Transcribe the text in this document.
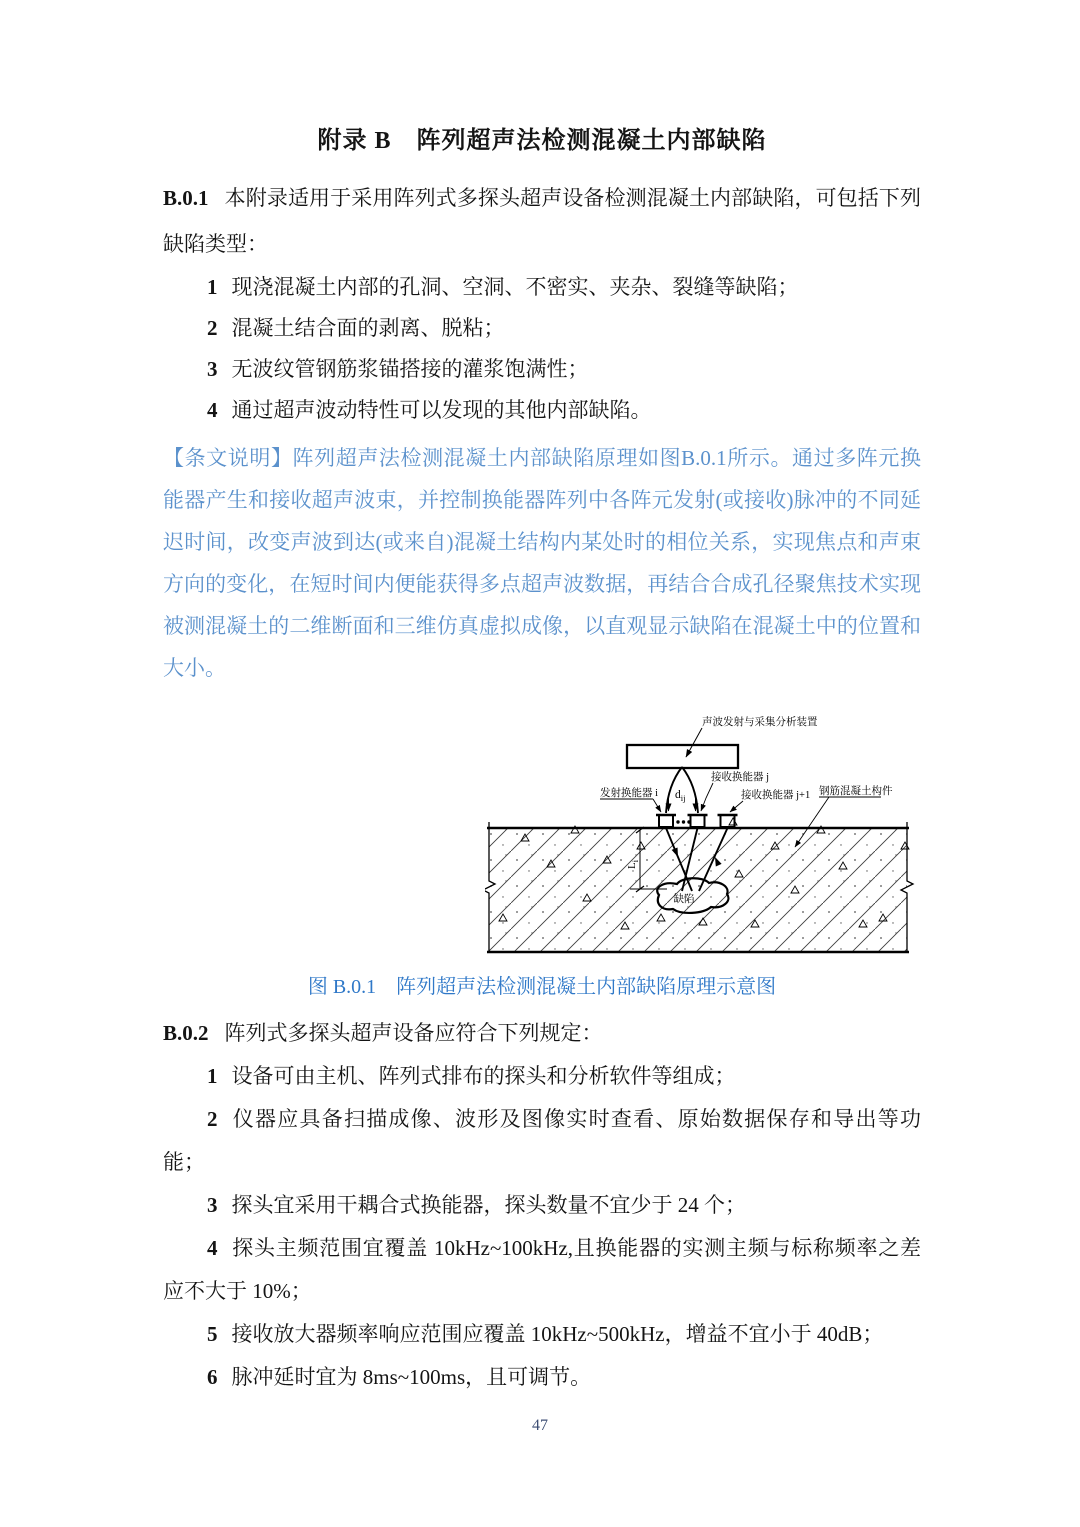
附录 B　阵列超声法检测混凝土内部缺陷

B.0.1 本附录适用于采用阵列式多探头超声设备检测混凝土内部缺陷，可包括下列缺陷类型：

1 现浇混凝土内部的孔洞、空洞、不密实、夹杂、裂缝等缺陷；

2 混凝土结合面的剥离、脱粘；

3 无波纹管钢筋浆锚搭接的灌浆饱满性；

4 通过超声波动特性可以发现的其他内部缺陷。

【条文说明】阵列超声法检测混凝土内部缺陷原理如图B.0.1所示。通过多阵元换能器产生和接收超声波束，并控制换能器阵列中各阵元发射(或接收)脉冲的不同延迟时间，改变声波到达(或来自)混凝土结构内某处时的相位关系，实现焦点和声束方向的变化，在短时间内便能获得多点超声波数据，再结合合成孔径聚焦技术实现被测混凝土的二维断面和三维仿真虚拟成像，以直观显示缺陷在混凝土中的位置和大小。

$L_i$
缺陷
$d_{ij}$
声波发射与采集分析装置
发射换能器 i
接收换能器 j
接收换能器 j+1 钢筋混凝土构件

图 B.0.1　阵列超声法检测混凝土内部缺陷原理示意图

B.0.2 阵列式多探头超声设备应符合下列规定：

1 设备可由主机、阵列式排布的探头和分析软件等组成；

2 仪器应具备扫描成像、波形及图像实时查看、原始数据保存和导出等功能；

3 探头宜采用干耦合式换能器，探头数量不宜少于 24 个；

4 探头主频范围宜覆盖 10kHz~100kHz,且换能器的实测主频与标称频率之差应不大于 10%；

5 接收放大器频率响应范围应覆盖 10kHz~500kHz，增益不宜小于 40dB；

6 脉冲延时宜为 8ms~100ms，且可调节。

47
